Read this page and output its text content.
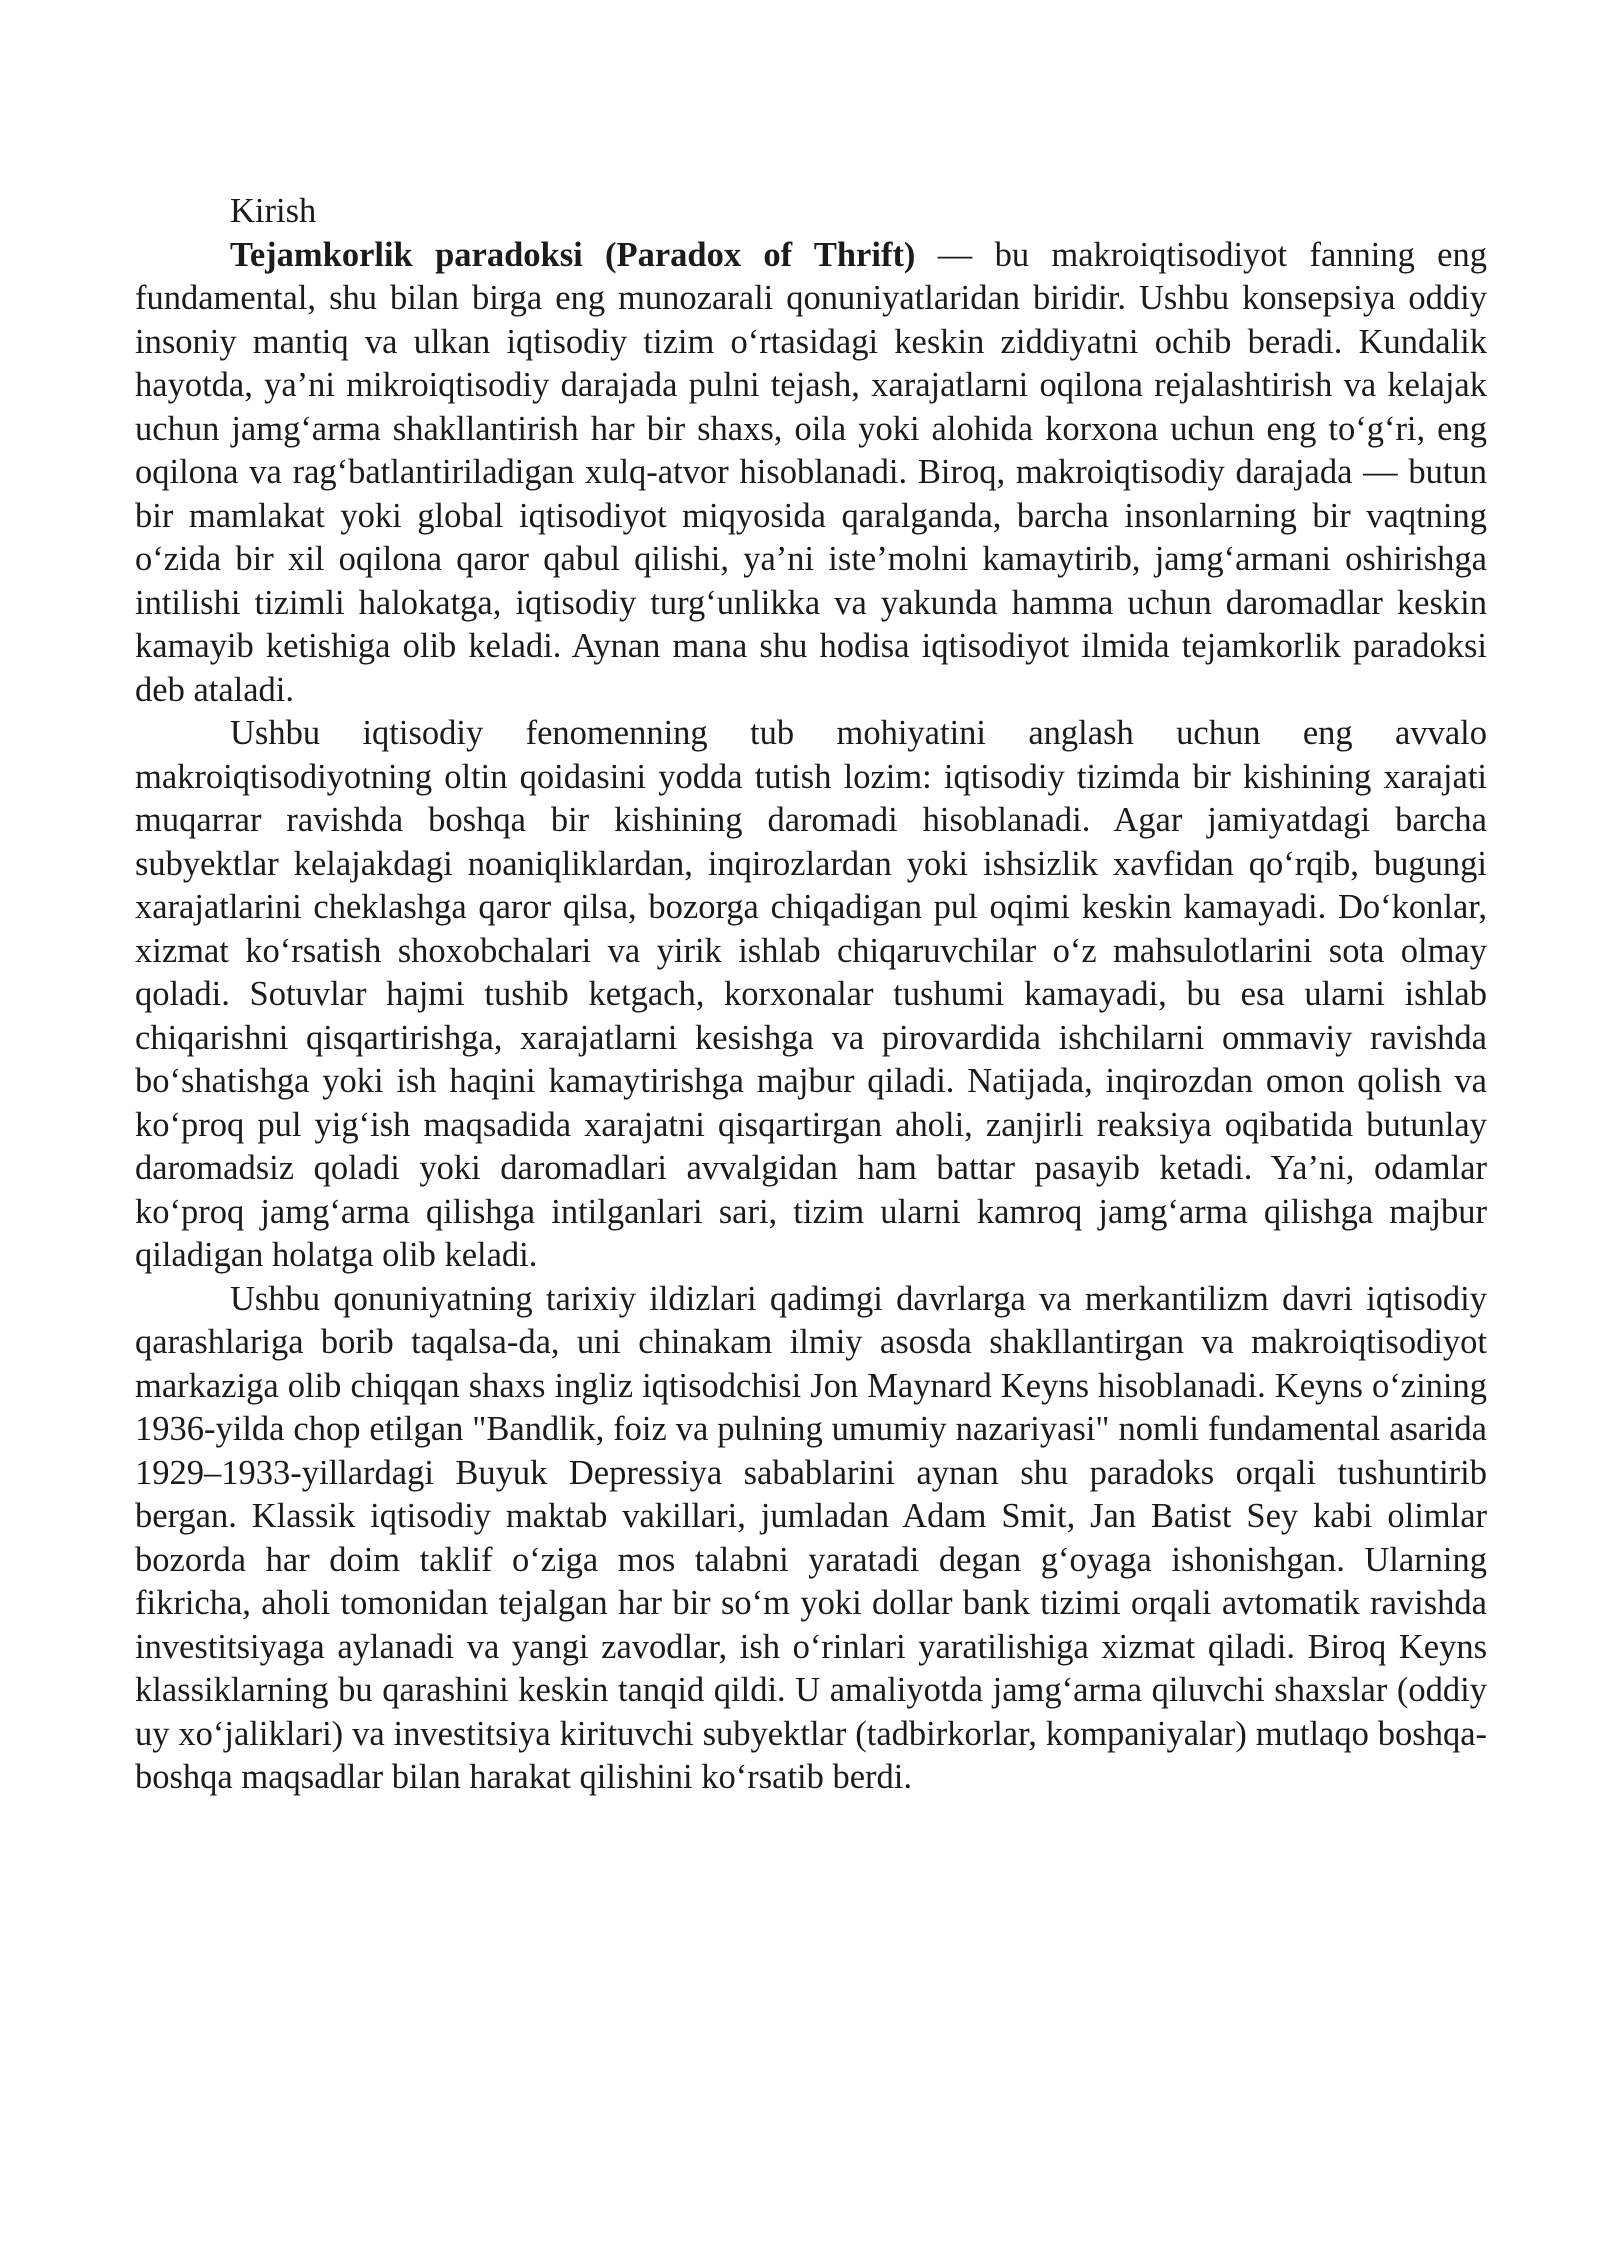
Kirish

Tejamkorlik paradoksi (Paradox of Thrift) — bu makroiqtisodiyot fanning eng fundamental, shu bilan birga eng munozarali qonuniyatlaridan biridir. Ushbu konsepsiya oddiy insoniy mantiq va ulkan iqtisodiy tizim oʻrtasidagi keskin ziddiyatni ochib beradi. Kundalik hayotda, ya’ni mikroiqtisodiy darajada pulni tejash, xarajatlarni oqilona rejalashtirish va kelajak uchun jamgʻarma shakllantirish har bir shaxs, oila yoki alohida korxona uchun eng toʻgʻri, eng oqilona va ragʻbatlantiriladigan xulq-atvor hisoblanadi. Biroq, makroiqtisodiy darajada — butun bir mamlakat yoki global iqtisodiyot miqyosida qaralganda, barcha insonlarning bir vaqtning oʻzida bir xil oqilona qaror qabul qilishi, ya’ni iste’molni kamaytirib, jamgʻarmani oshirishga intilishi tizimli halokatga, iqtisodiy turgʻunlikka va yakunda hamma uchun daromadlar keskin kamayib ketishiga olib keladi. Aynan mana shu hodisa iqtisodiyot ilmida tejamkorlik paradoksi deb ataladi.

Ushbu iqtisodiy fenomenning tub mohiyatini anglash uchun eng avvalo makroiqtisodiyotning oltin qoidasini yodda tutish lozim: iqtisodiy tizimda bir kishining xarajati muqarrar ravishda boshqa bir kishining daromadi hisoblanadi. Agar jamiyatdagi barcha subyektlar kelajakdagi noaniqliklardan, inqirozlardan yoki ishsizlik xavfidan qoʻrqib, bugungi xarajatlarini cheklashga qaror qilsa, bozorga chiqadigan pul oqimi keskin kamayadi. Doʻkonlar, xizmat koʻrsatish shoxobchalari va yirik ishlab chiqaruvchilar oʻz mahsulotlarini sota olmay qoladi. Sotuvlar hajmi tushib ketgach, korxonalar tushumi kamayadi, bu esa ularni ishlab chiqarishni qisqartirishga, xarajatlarni kesishga va pirovardida ishchilarni ommaviy ravishda boʻshatishga yoki ish haqini kamaytirishga majbur qiladi. Natijada, inqirozdan omon qolish va koʻproq pul yigʻish maqsadida xarajatni qisqartirgan aholi, zanjirli reaksiya oqibatida butunlay daromadsiz qoladi yoki daromadlari avvalgidan ham battar pasayib ketadi. Ya’ni, odamlar koʻproq jamgʻarma qilishga intilganlari sari, tizim ularni kamroq jamgʻarma qilishga majbur qiladigan holatga olib keladi.

Ushbu qonuniyatning tarixiy ildizlari qadimgi davrlarga va merkantilizm davri iqtisodiy qarashlariga borib taqalsa-da, uni chinakam ilmiy asosda shakllantirgan va makroiqtisodiyot markaziga olib chiqqan shaxs ingliz iqtisodchisi Jon Maynard Keyns hisoblanadi. Keyns oʻzining 1936-yilda chop etilgan "Bandlik, foiz va pulning umumiy nazariyasi" nomli fundamental asarida 1929–1933-yillardagi Buyuk Depressiya sabablarini aynan shu paradoks orqali tushuntirib bergan. Klassik iqtisodiy maktab vakillari, jumladan Adam Smit, Jan Batist Sey kabi olimlar bozorda har doim taklif oʻziga mos talabni yaratadi degan gʻoyaga ishonishgan. Ularning fikricha, aholi tomonidan tejalgan har bir soʻm yoki dollar bank tizimi orqali avtomatik ravishda investitsiyaga aylanadi va yangi zavodlar, ish oʻrinlari yaratilishiga xizmat qiladi. Biroq Keyns klassiklarning bu qarashini keskin tanqid qildi. U amaliyotda jamgʻarma qiluvchi shaxslar (oddiy uy xoʻjaliklari) va investitsiya kirituvchi subyektlar (tadbirkorlar, kompaniyalar) mutlaqo boshqa-boshqa maqsadlar bilan harakat qilishini koʻrsatib berdi.
